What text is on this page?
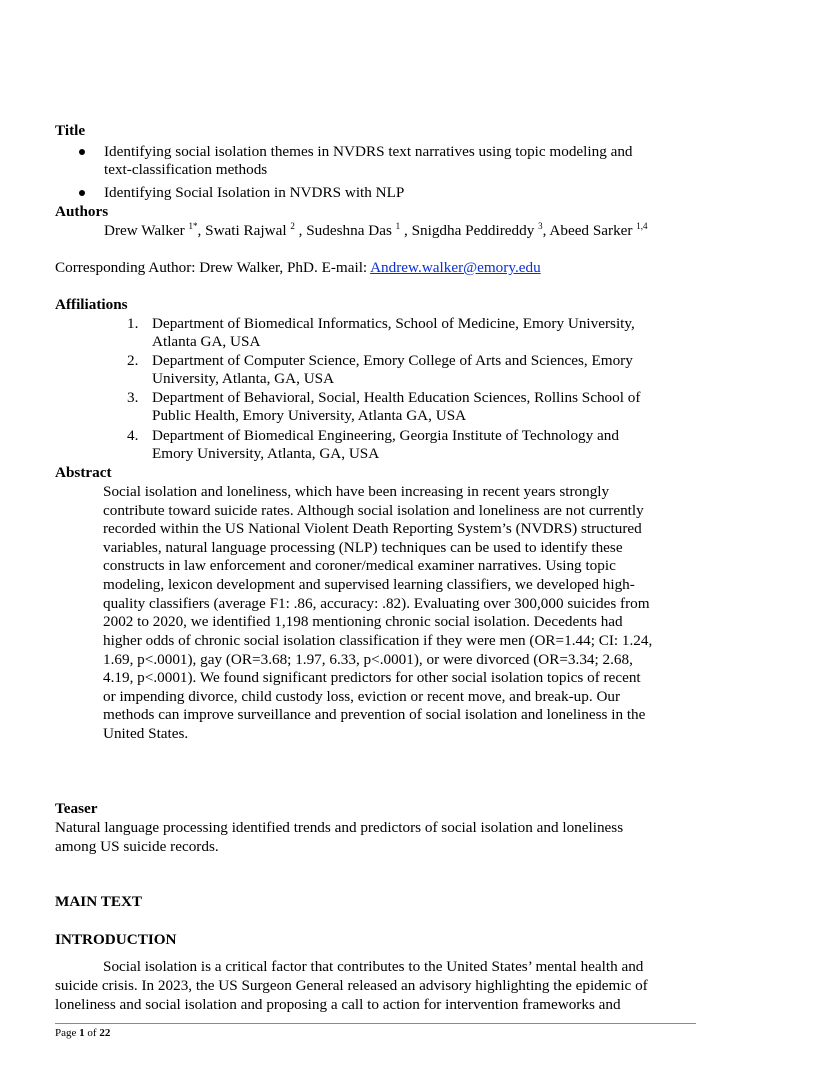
Title
Identifying social isolation themes in NVDRS text narratives using topic modeling and
text-classification methods
Identifying Social Isolation in NVDRS with NLP
Authors
Drew Walker $^{1*}$, Swati Rajwal $^2$ , Sudeshna Das $^1$ , Snigdha Peddireddy $^3$, Abeed Sarker $^{1,4}$
Corresponding Author: Drew Walker, PhD. E-mail: Andrew.walker@emory.edu
Affiliations
1. Department of Biomedical Informatics, School of Medicine, Emory University,
Atlanta GA, USA
2. Department of Computer Science, Emory College of Arts and Sciences, Emory
University, Atlanta, GA, USA
3. Department of Behavioral, Social, Health Education Sciences, Rollins School of
Public Health, Emory University, Atlanta GA, USA
4. Department of Biomedical Engineering, Georgia Institute of Technology and
Emory University, Atlanta, GA, USA
Abstract
Social isolation and loneliness, which have been increasing in recent years strongly
contribute toward suicide rates. Although social isolation and loneliness are not currently
recorded within the US National Violent Death Reporting System’s (NVDRS) structured
variables, natural language processing (NLP) techniques can be used to identify these
constructs in law enforcement and coroner/medical examiner narratives. Using topic
modeling, lexicon development and supervised learning classifiers, we developed high-
quality classifiers (average F1: .86, accuracy: .82). Evaluating over 300,000 suicides from
2002 to 2020, we identified 1,198 mentioning chronic social isolation. Decedents had
higher odds of chronic social isolation classification if they were men (OR=1.44; CI: 1.24,
1.69, p<.0001), gay (OR=3.68; 1.97, 6.33, p<.0001), or were divorced (OR=3.34; 2.68,
4.19, p<.0001). We found significant predictors for other social isolation topics of recent
or impending divorce, child custody loss, eviction or recent move, and break-up. Our
methods can improve surveillance and prevention of social isolation and loneliness in the
United States.
Teaser
Natural language processing identified trends and predictors of social isolation and loneliness
among US suicide records.
MAIN TEXT
INTRODUCTION
Social isolation is a critical factor that contributes to the United States’ mental health and
suicide crisis. In 2023, the US Surgeon General released an advisory highlighting the epidemic of
loneliness and social isolation and proposing a call to action for intervention frameworks and
Page 1 of 22
